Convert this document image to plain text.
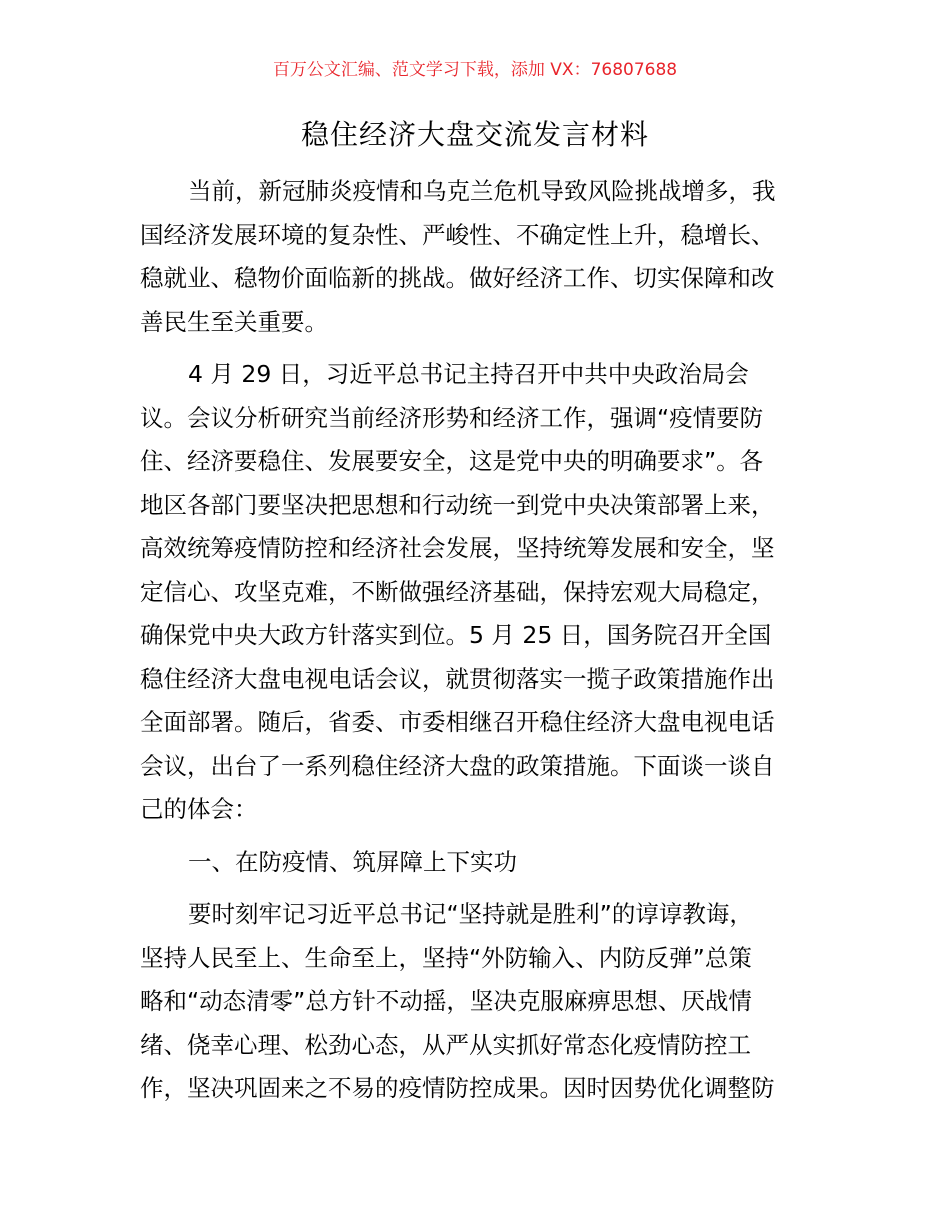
百万公文汇编、范文学习下载，添加 VX：76807688
稳住经济大盘交流发言材料
当前，新冠肺炎疫情和乌克兰危机导致风险挑战增多，我
国经济发展环境的复杂性、严峻性、不确定性上升，稳增长、
稳就业、稳物价面临新的挑战。做好经济工作、切实保障和改
善民生至关重要。
4 月 29 日，习近平总书记主持召开中共中央政治局会
议。会议分析研究当前经济形势和经济工作，强调“疫情要防
住、经济要稳住、发展要安全，这是党中央的明确要求”。各
地区各部门要坚决把思想和行动统一到党中央决策部署上来，
高效统筹疫情防控和经济社会发展，坚持统筹发展和安全，坚
定信心、攻坚克难，不断做强经济基础，保持宏观大局稳定，
确保党中央大政方针落实到位。5 月 25 日，国务院召开全国
稳住经济大盘电视电话会议，就贯彻落实一揽子政策措施作出
全面部署。随后，省委、市委相继召开稳住经济大盘电视电话
会议，出台了一系列稳住经济大盘的政策措施。下面谈一谈自
己的体会：
一、在防疫情、筑屏障上下实功
要时刻牢记习近平总书记“坚持就是胜利”的谆谆教诲，
坚持人民至上、生命至上，坚持“外防输入、内防反弹”总策
略和“动态清零”总方针不动摇，坚决克服麻痹思想、厌战情
绪、侥幸心理、松劲心态，从严从实抓好常态化疫情防控工
作，坚决巩固来之不易的疫情防控成果。因时因势优化调整防
